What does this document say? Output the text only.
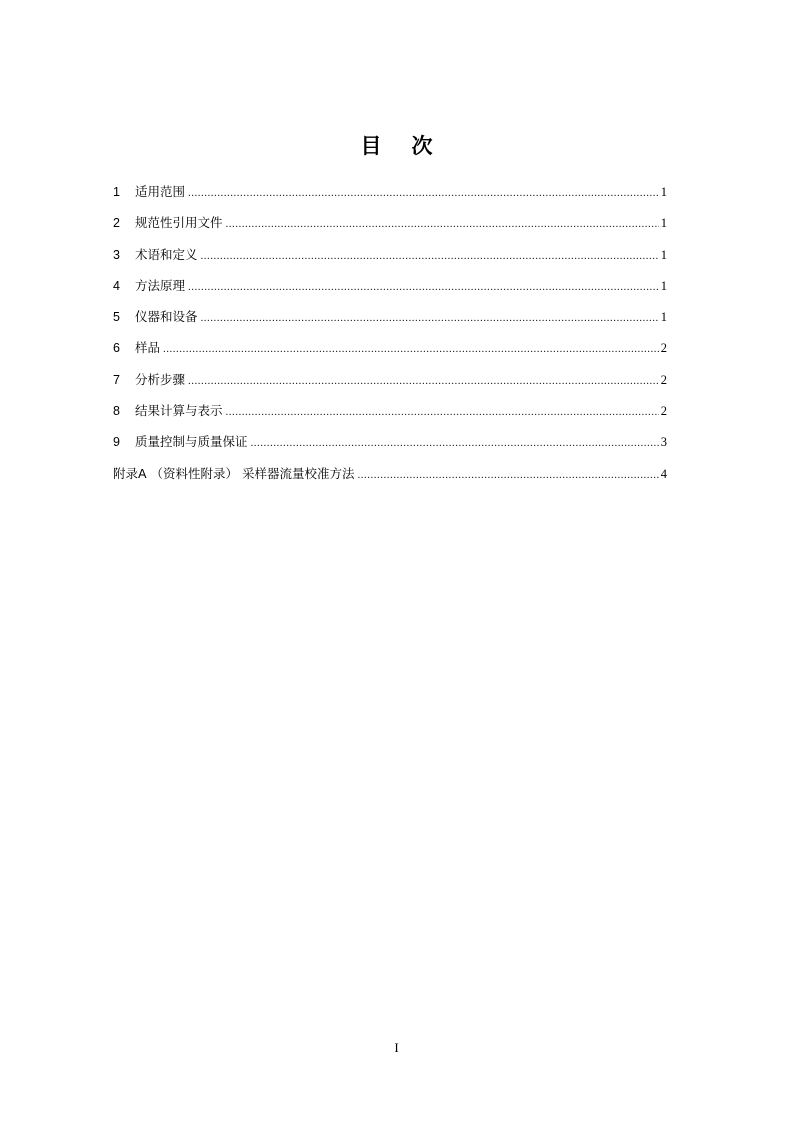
目 次
1	适用范围 .....	1
2	规范性引用文件 .....	1
3	术语和定义 .....	1
4	方法原理 .....	1
5	仪器和设备 .....	1
6	样品 .....	2
7	分析步骤 .....	2
8	结果计算与表示 .....	2
9	质量控制与质量保证 .....	3
附录A （资料性附录） 采样器流量校准方法 .....	4
I
